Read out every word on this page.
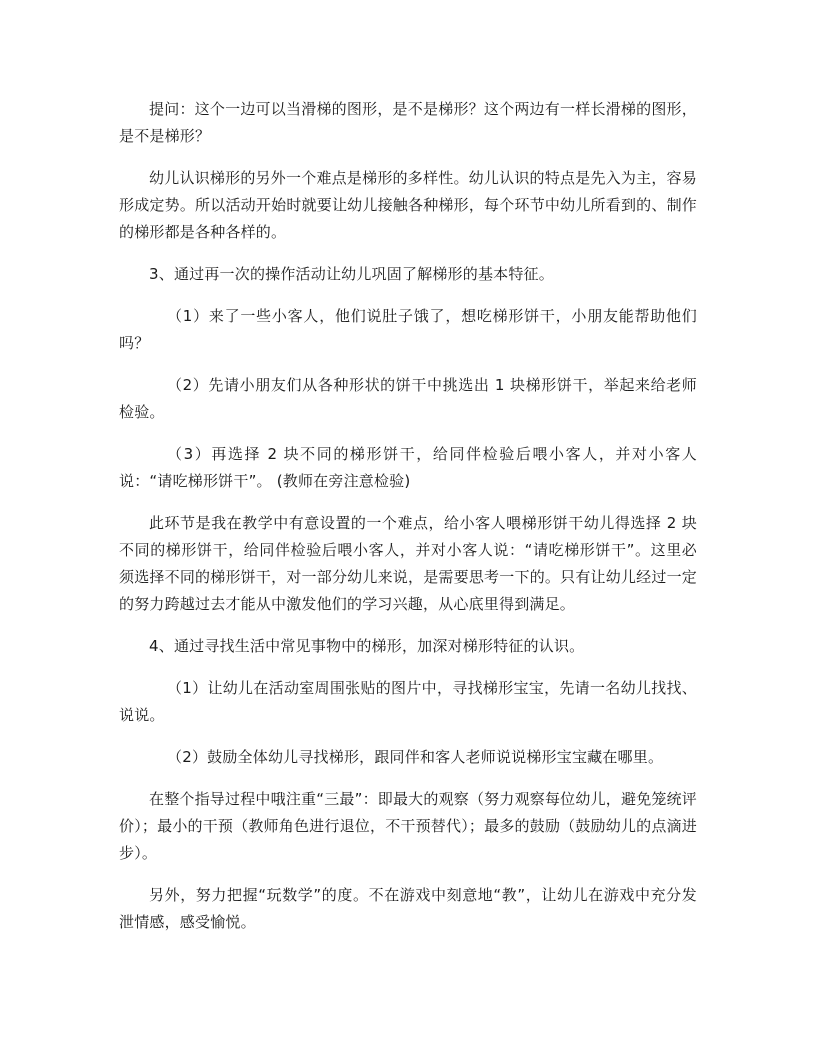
提问：这个一边可以当滑梯的图形，是不是梯形？这个两边有一样长滑梯的图形，是不是梯形？

幼儿认识梯形的另外一个难点是梯形的多样性。幼儿认识的特点是先入为主，容易形成定势。所以活动开始时就要让幼儿接触各种梯形，每个环节中幼儿所看到的、制作的梯形都是各种各样的。

3、通过再一次的操作活动让幼儿巩固了解梯形的基本特征。

（1）来了一些小客人，他们说肚子饿了，想吃梯形饼干，小朋友能帮助他们吗？

（2）先请小朋友们从各种形状的饼干中挑选出 1 块梯形饼干，举起来给老师检验。

（3）再选择 2 块不同的梯形饼干，给同伴检验后喂小客人，并对小客人说：“请吃梯形饼干”。 (教师在旁注意检验)

此环节是我在教学中有意设置的一个难点，给小客人喂梯形饼干幼儿得选择 2 块不同的梯形饼干，给同伴检验后喂小客人，并对小客人说：“请吃梯形饼干”。这里必须选择不同的梯形饼干，对一部分幼儿来说，是需要思考一下的。只有让幼儿经过一定的努力跨越过去才能从中激发他们的学习兴趣，从心底里得到满足。

4、通过寻找生活中常见事物中的梯形，加深对梯形特征的认识。

（1）让幼儿在活动室周围张贴的图片中，寻找梯形宝宝，先请一名幼儿找找、说说。

（2）鼓励全体幼儿寻找梯形，跟同伴和客人老师说说梯形宝宝藏在哪里。

在整个指导过程中哦注重“三最”：即最大的观察（努力观察每位幼儿，避免笼统评价）；最小的干预（教师角色进行退位，不干预替代）；最多的鼓励（鼓励幼儿的点滴进步）。

另外，努力把握“玩数学”的度。不在游戏中刻意地“教”，让幼儿在游戏中充分发泄情感，感受愉悦。
